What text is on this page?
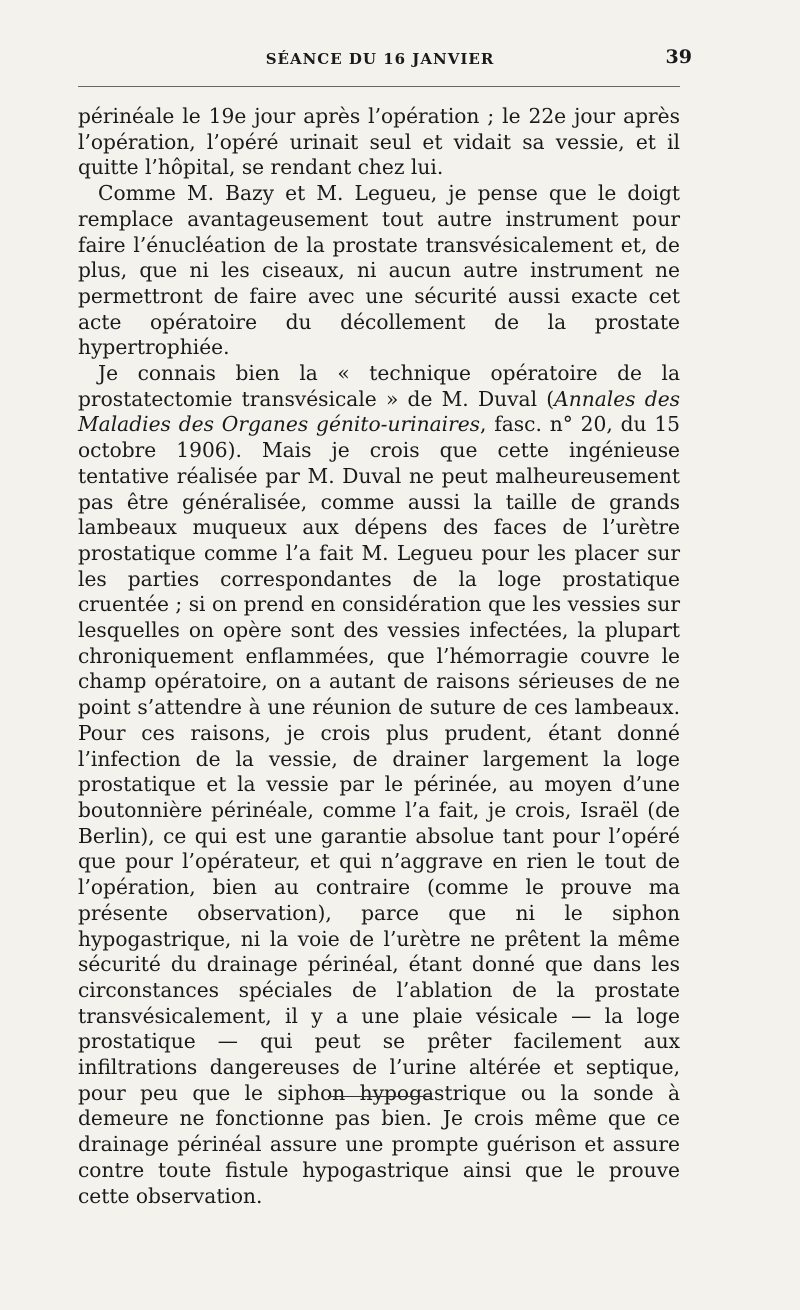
SÉANCE DU 16 JANVIER	39

périnéale le 19e jour après l’opération ; le 22e jour après l’opération, l’opéré urinait seul et vidait sa vessie, et il quitte l’hôpital, se rendant chez lui.

Comme M. Bazy et M. Legueu, je pense que le doigt remplace avantageusement tout autre instrument pour faire l’énucléation de la prostate transvésicalement et, de plus, que ni les ciseaux, ni aucun autre instrument ne permettront de faire avec une sécurité aussi exacte cet acte opératoire du décollement de la prostate hypertrophiée.

Je connais bien la « technique opératoire de la prostatectomie transvésicale » de M. Duval (Annales des Maladies des Organes génito-urinaires, fasc. n° 20, du 15 octobre 1906). Mais je crois que cette ingénieuse tentative réalisée par M. Duval ne peut malheureusement pas être généralisée, comme aussi la taille de grands lambeaux muqueux aux dépens des faces de l’urètre prostatique comme l’a fait M. Legueu pour les placer sur les parties correspondantes de la loge prostatique cruentée ; si on prend en considération que les vessies sur lesquelles on opère sont des vessies infectées, la plupart chroniquement enflammées, que l’hémorragie couvre le champ opératoire, on a autant de raisons sérieuses de ne point s’attendre à une réunion de suture de ces lambeaux. Pour ces raisons, je crois plus prudent, étant donné l’infection de la vessie, de drainer largement la loge prostatique et la vessie par le périnée, au moyen d’une boutonnière périnéale, comme l’a fait, je crois, Israël (de Berlin), ce qui est une garantie absolue tant pour l’opéré que pour l’opérateur, et qui n’aggrave en rien le tout de l’opération, bien au contraire (comme le prouve ma présente observation), parce que ni le siphon hypogastrique, ni la voie de l’urètre ne prêtent la même sécurité du drainage périnéal, étant donné que dans les circonstances spéciales de l’ablation de la prostate transvésicalement, il y a une plaie vésicale — la loge prostatique — qui peut se prêter facilement aux infiltrations dangereuses de l’urine altérée et septique, pour peu que le siphon hypogastrique ou la sonde à demeure ne fonctionne pas bien. Je crois même que ce drainage périnéal assure une prompte guérison et assure contre toute fistule hypogastrique ainsi que le prouve cette observation.
